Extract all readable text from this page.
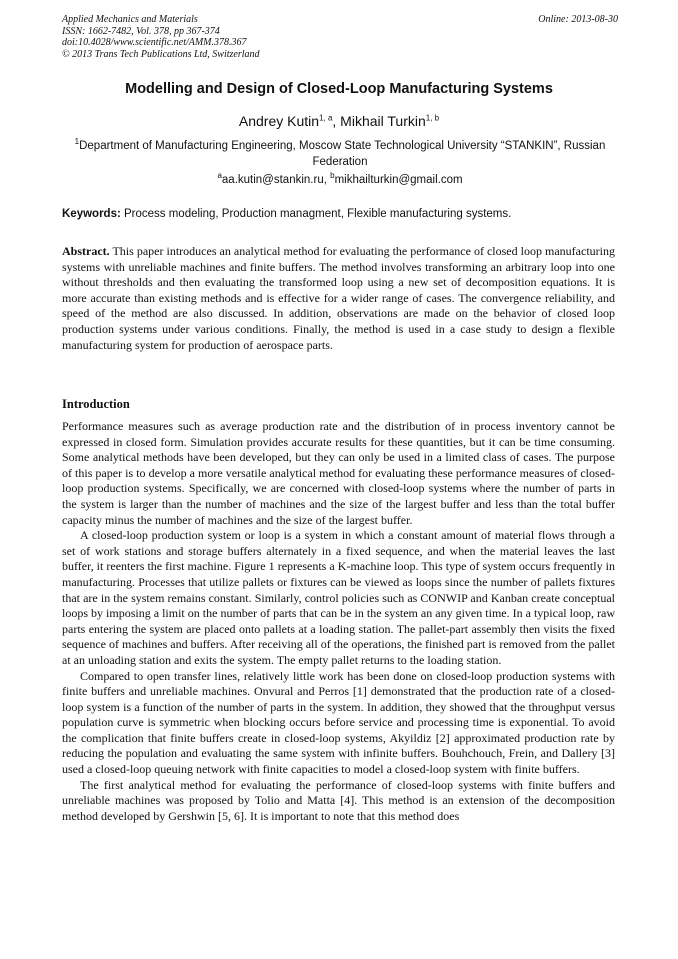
Applied Mechanics and Materials
ISSN: 1662-7482, Vol. 378, pp 367-374
doi:10.4028/www.scientific.net/AMM.378.367
© 2013 Trans Tech Publications Ltd, Switzerland
Online: 2013-08-30
Modelling and Design of Closed-Loop Manufacturing Systems
Andrey Kutin$^{1, a}$, Mikhail Turkin$^{1, b}$
$^1$Department of Manufacturing Engineering, Moscow State Technological University “STANKIN”, Russian Federation
$^a$aa.kutin@stankin.ru, $^b$mikhailturkin@gmail.com
Keywords: Process modeling, Production managment, Flexible manufacturing systems.
Abstract. This paper introduces an analytical method for evaluating the performance of closed loop manufacturing systems with unreliable machines and finite buffers. The method involves transforming an arbitrary loop into one without thresholds and then evaluating the transformed loop using a new set of decomposition equations. It is more accurate than existing methods and is effective for a wider range of cases. The convergence reliability, and speed of the method are also discussed. In addition, observations are made on the behavior of closed loop production systems under various conditions. Finally, the method is used in a case study to design a flexible manufacturing system for production of aerospace parts.
Introduction

Performance measures such as average production rate and the distribution of in process inventory cannot be expressed in closed form. Simulation provides accurate results for these quantities, but it can be time consuming. Some analytical methods have been developed, but they can only be used in a limited class of cases. The purpose of this paper is to develop a more versatile analytical method for evaluating these performance measures of closed-loop production systems. Specifically, we are concerned with closed-loop systems where the number of parts in the system is larger than the number of machines and the size of the largest buffer and less than the total buffer capacity minus the number of machines and the size of the largest buffer.

A closed-loop production system or loop is a system in which a constant amount of material flows through a set of work stations and storage buffers alternately in a fixed sequence, and when the material leaves the last buffer, it reenters the first machine. Figure 1 represents a K-machine loop. This type of system occurs frequently in manufacturing. Processes that utilize pallets or fixtures can be viewed as loops since the number of pallets fixtures that are in the system remains constant. Similarly, control policies such as CONWIP and Kanban create conceptual loops by imposing a limit on the number of parts that can be in the system an any given time. In a typical loop, raw parts entering the system are placed onto pallets at a loading station. The pallet-part assembly then visits the fixed sequence of machines and buffers. After receiving all of the operations, the finished part is removed from the pallet at an unloading station and exits the system. The empty pallet returns to the loading station.

Compared to open transfer lines, relatively little work has been done on closed-loop production systems with finite buffers and unreliable machines. Onvural and Perros [1] demonstrated that the production rate of a closed-loop system is a function of the number of parts in the system. In addition, they showed that the throughput versus population curve is symmetric when blocking occurs before service and processing time is exponential. To avoid the complication that finite buffers create in closed-loop systems, Akyildiz [2] approximated production rate by reducing the population and evaluating the same system with infinite buffers. Bouhchouch, Frein, and Dallery [3] used a closed-loop queuing network with finite capacities to model a closed-loop system with finite buffers.

The first analytical method for evaluating the performance of closed-loop systems with finite buffers and unreliable machines was proposed by Tolio and Matta [4]. This method is an extension of the decomposition method developed by Gershwin [5, 6]. It is important to note that this method does
